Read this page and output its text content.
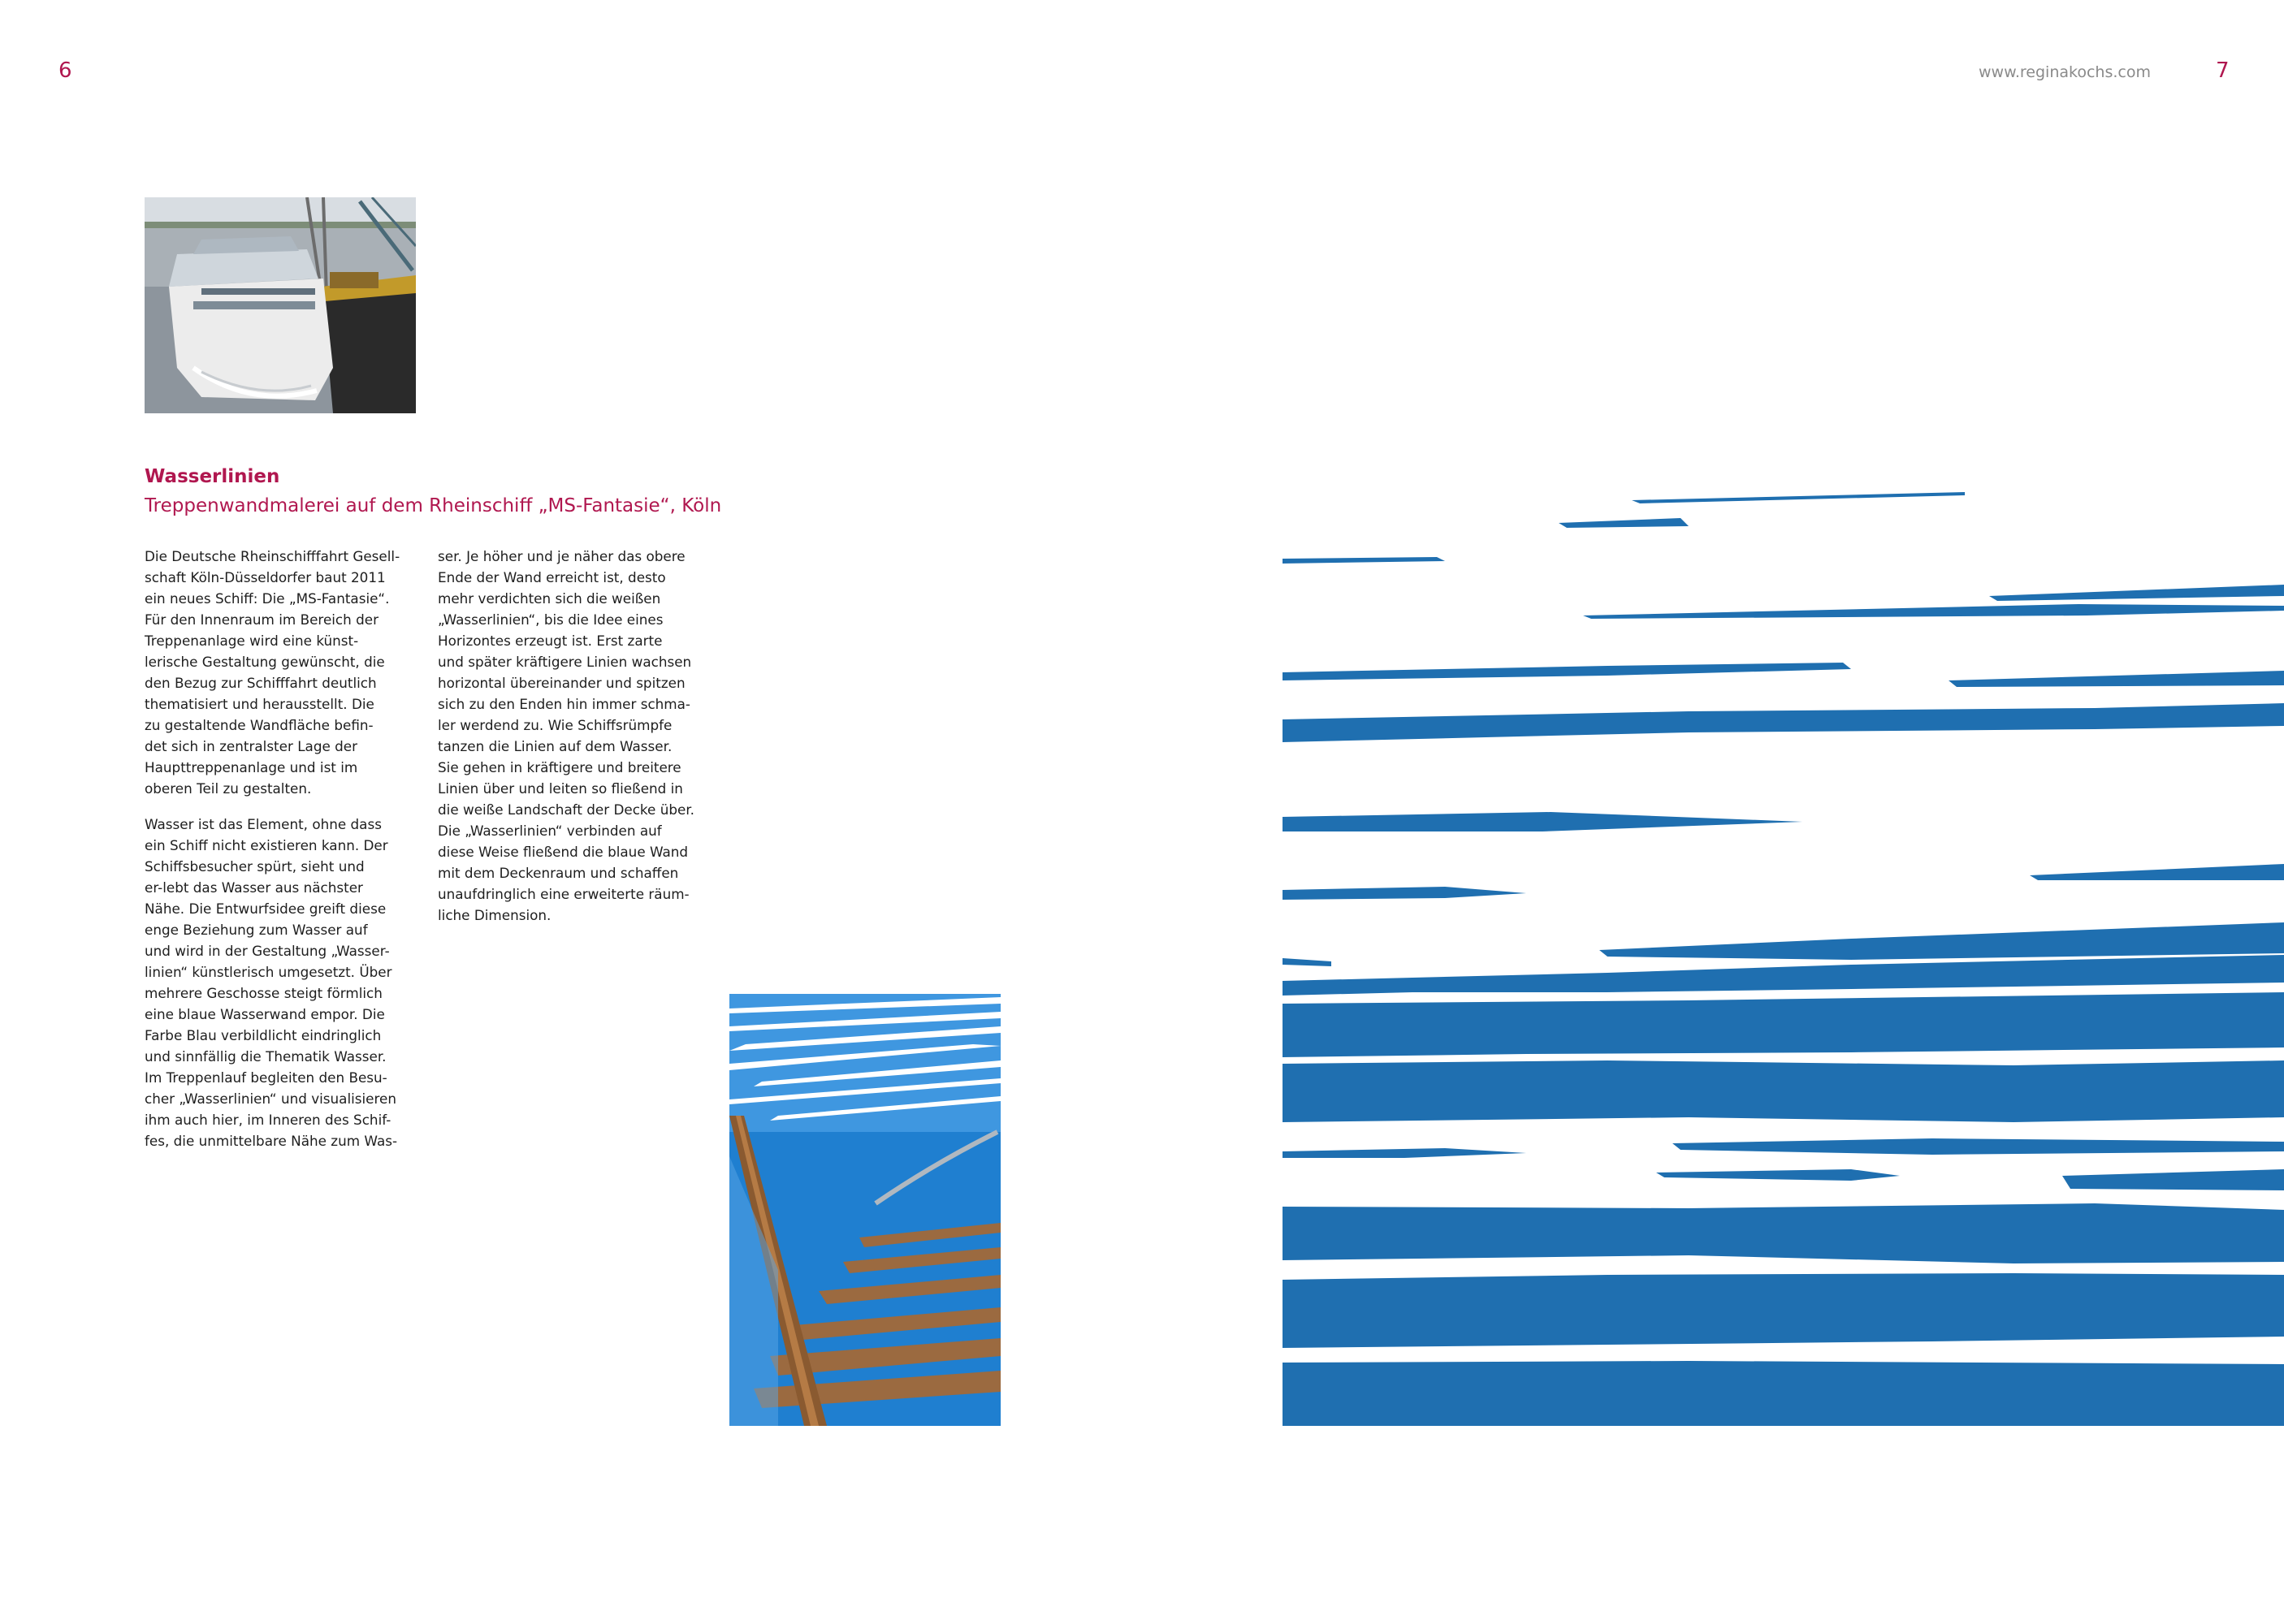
6	www.reginakochs.com	7
Wasserlinien
Treppenwandmalerei auf dem Rheinschiff „MS-Fantasie“, Köln
Die Deutsche Rheinschifffahrt Gesell-
schaft Köln-Düsseldorfer baut 2011
ein neues Schiff: Die „MS-Fantasie“.
Für den Innenraum im Bereich der
Treppenanlage wird eine künst-
lerische Gestaltung gewünscht, die
den Bezug zur Schifffahrt deutlich
thematisiert und herausstellt. Die
zu gestaltende Wandfläche befin-
det sich in zentralster Lage der
Haupttreppenanlage und ist im
oberen Teil zu gestalten.
Wasser ist das Element, ohne dass
ein Schiff nicht existieren kann. Der
Schiffsbesucher spürt, sieht und
er-lebt das Wasser aus nächster
Nähe. Die Entwurfsidee greift diese
enge Beziehung zum Wasser auf
und wird in der Gestaltung „Wasser-
linien“ künstlerisch umgesetzt. Über
mehrere Geschosse steigt förmlich
eine blaue Wasserwand empor. Die
Farbe Blau verbildlicht eindringlich
und sinnfällig die Thematik Wasser.
Im Treppenlauf begleiten den Besu-
cher „Wasserlinien“ und visualisieren
ihm auch hier, im Inneren des Schif-
fes, die unmittelbare Nähe zum Was-
ser. Je höher und je näher das obere
Ende der Wand erreicht ist, desto
mehr verdichten sich die weißen
„Wasserlinien“, bis die Idee eines
Horizontes erzeugt ist. Erst zarte
und später kräftigere Linien wachsen
horizontal übereinander und spitzen
sich zu den Enden hin immer schma-
ler werdend zu. Wie Schiffsrümpfe
tanzen die Linien auf dem Wasser.
Sie gehen in kräftigere und breitere
Linien über und leiten so fließend in
die weiße Landschaft der Decke über.
Die „Wasserlinien“ verbinden auf
diese Weise fließend die blaue Wand
mit dem Deckenraum und schaffen
unaufdringlich eine erweiterte räum-
liche Dimension.
